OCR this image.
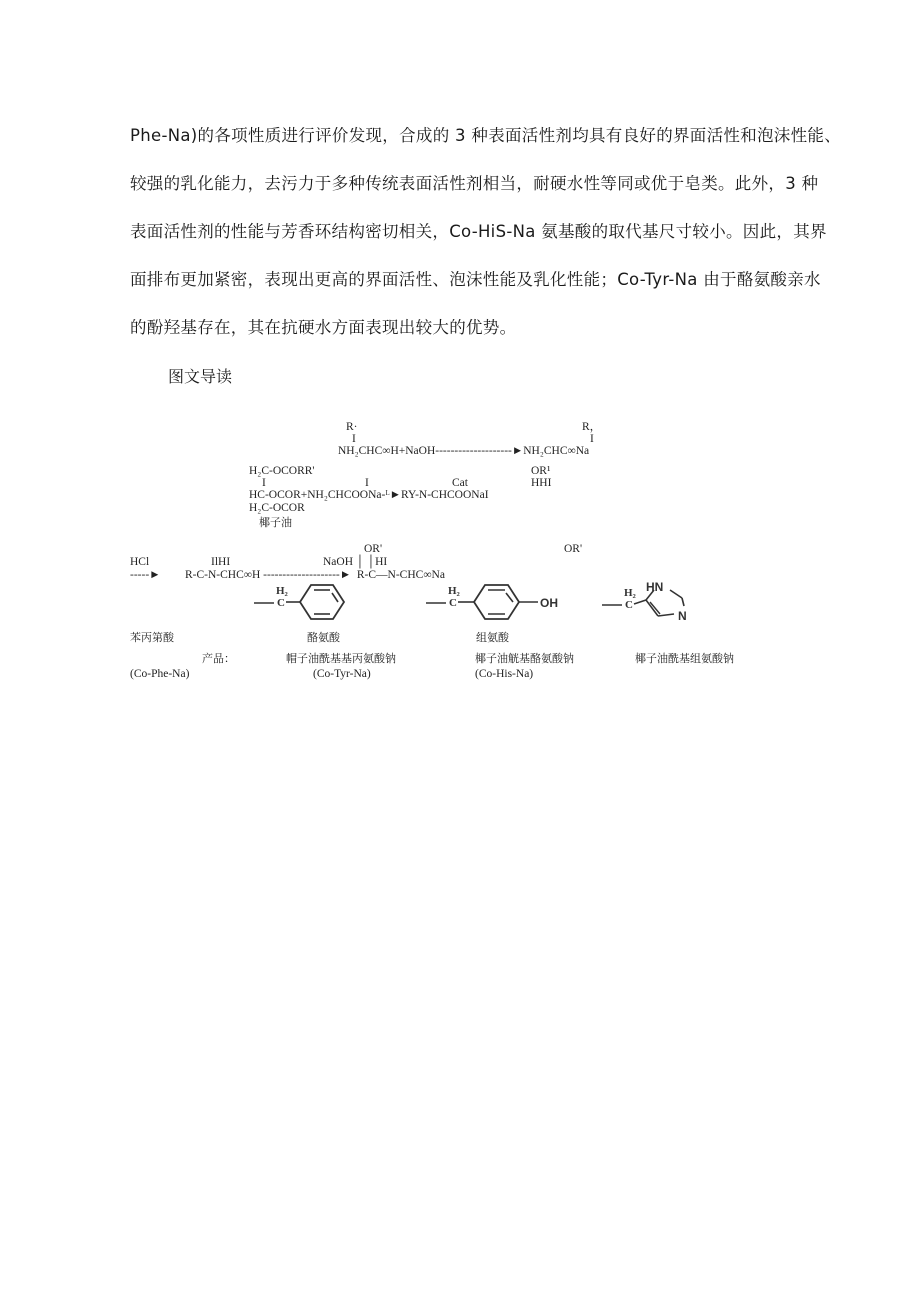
Phe-Na)的各项性质进行评价发现，合成的 3 种表面活性剂均具有良好的界面活性和泡沫性能、
较强的乳化能力，去污力于多种传统表面活性剂相当，耐硬水性等同或优于皂类。此外，3 种
表面活性剂的性能与芳香环结构密切相关，Co-HiS-Na 氨基酸的取代基尺寸较小。因此，其界
面排布更加紧密，表现出更高的界面活性、泡沫性能及乳化性能；Co-Tyr-Na 由于酪氨酸亲水
的酚羟基存在，其在抗硬水方面表现出较大的优势。
图文导读
R·
I
NH₂CHC∞H+NaOH--------------------►NH₂CHC∞Na
R，
I
H₂C-OCORR'
I	I	Cat
OR¹
HHI
HC-OCOR+NH₂CHCOONa-ᴸ►RY-N-CHCOONaI
H₂C-OCOR
椰子油
OR'	OR'
HCl	IlHI	NaOH │ │HI
-----► R-C-N-CHC∞H --------------------►  R-C—N-CHC∞Na
H₂
C
H₂
C	OH
H₂
C
HN
N
苯丙第酸	酪氨酸	组氨酸
产品：	帽子油酰基基丙氨酸钠	椰子油觥基酪氨酸钠	椰子油酰基组氨酸钠
(Co-Phe-Na)	(Co-Tyr-Na)	(Co-His-Na)
